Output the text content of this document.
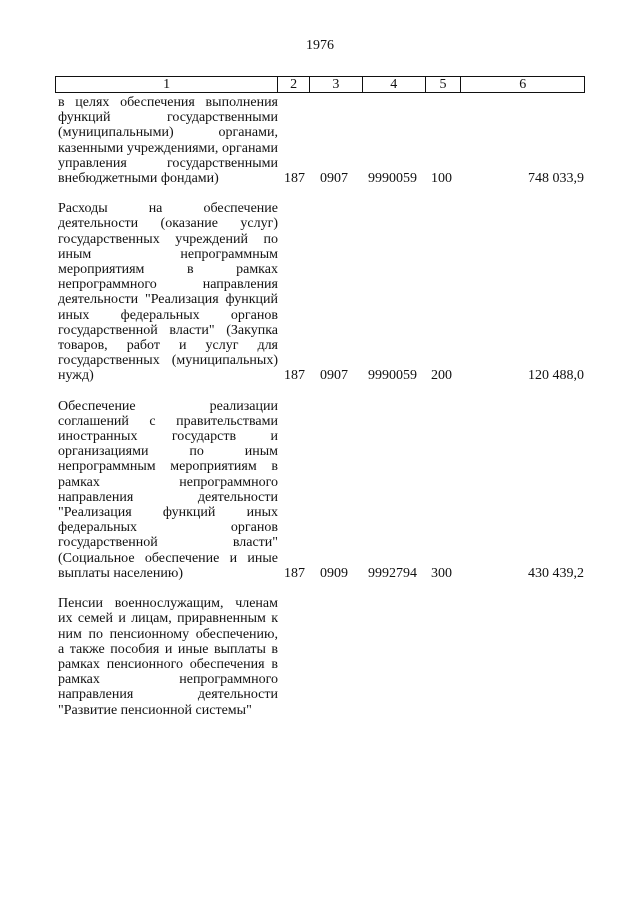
1976
1	2	3	4	5	6
в целях обеспечения выполнения функций государственными (муниципальными) органами, казенными учреждениями, органами управления государственными внебюджетными фондами)	187	0907	9990059	100	748 033,9
Расходы на обеспечение деятельности (оказание услуг) государственных учреждений по иным непрограммным мероприятиям в рамках непрограммного направления деятельности "Реализация функций иных федеральных органов государственной власти" (Закупка товаров, работ и услуг для государственных (муниципальных) нужд)	187	0907	9990059	200	120 488,0
Обеспечение реализации соглашений с правительствами иностранных государств и организациями по иным непрограммным мероприятиям в рамках непрограммного направления деятельности "Реализация функций иных федеральных органов государственной власти" (Социальное обеспечение и иные выплаты населению)	187	0909	9992794	300	430 439,2
Пенсии военнослужащим, членам их семей и лицам, приравненным к ним по пенсионному обеспечению, а также пособия и иные выплаты в рамках пенсионного обеспечения в рамках непрограммного направления деятельности "Развитие пенсионной системы"
